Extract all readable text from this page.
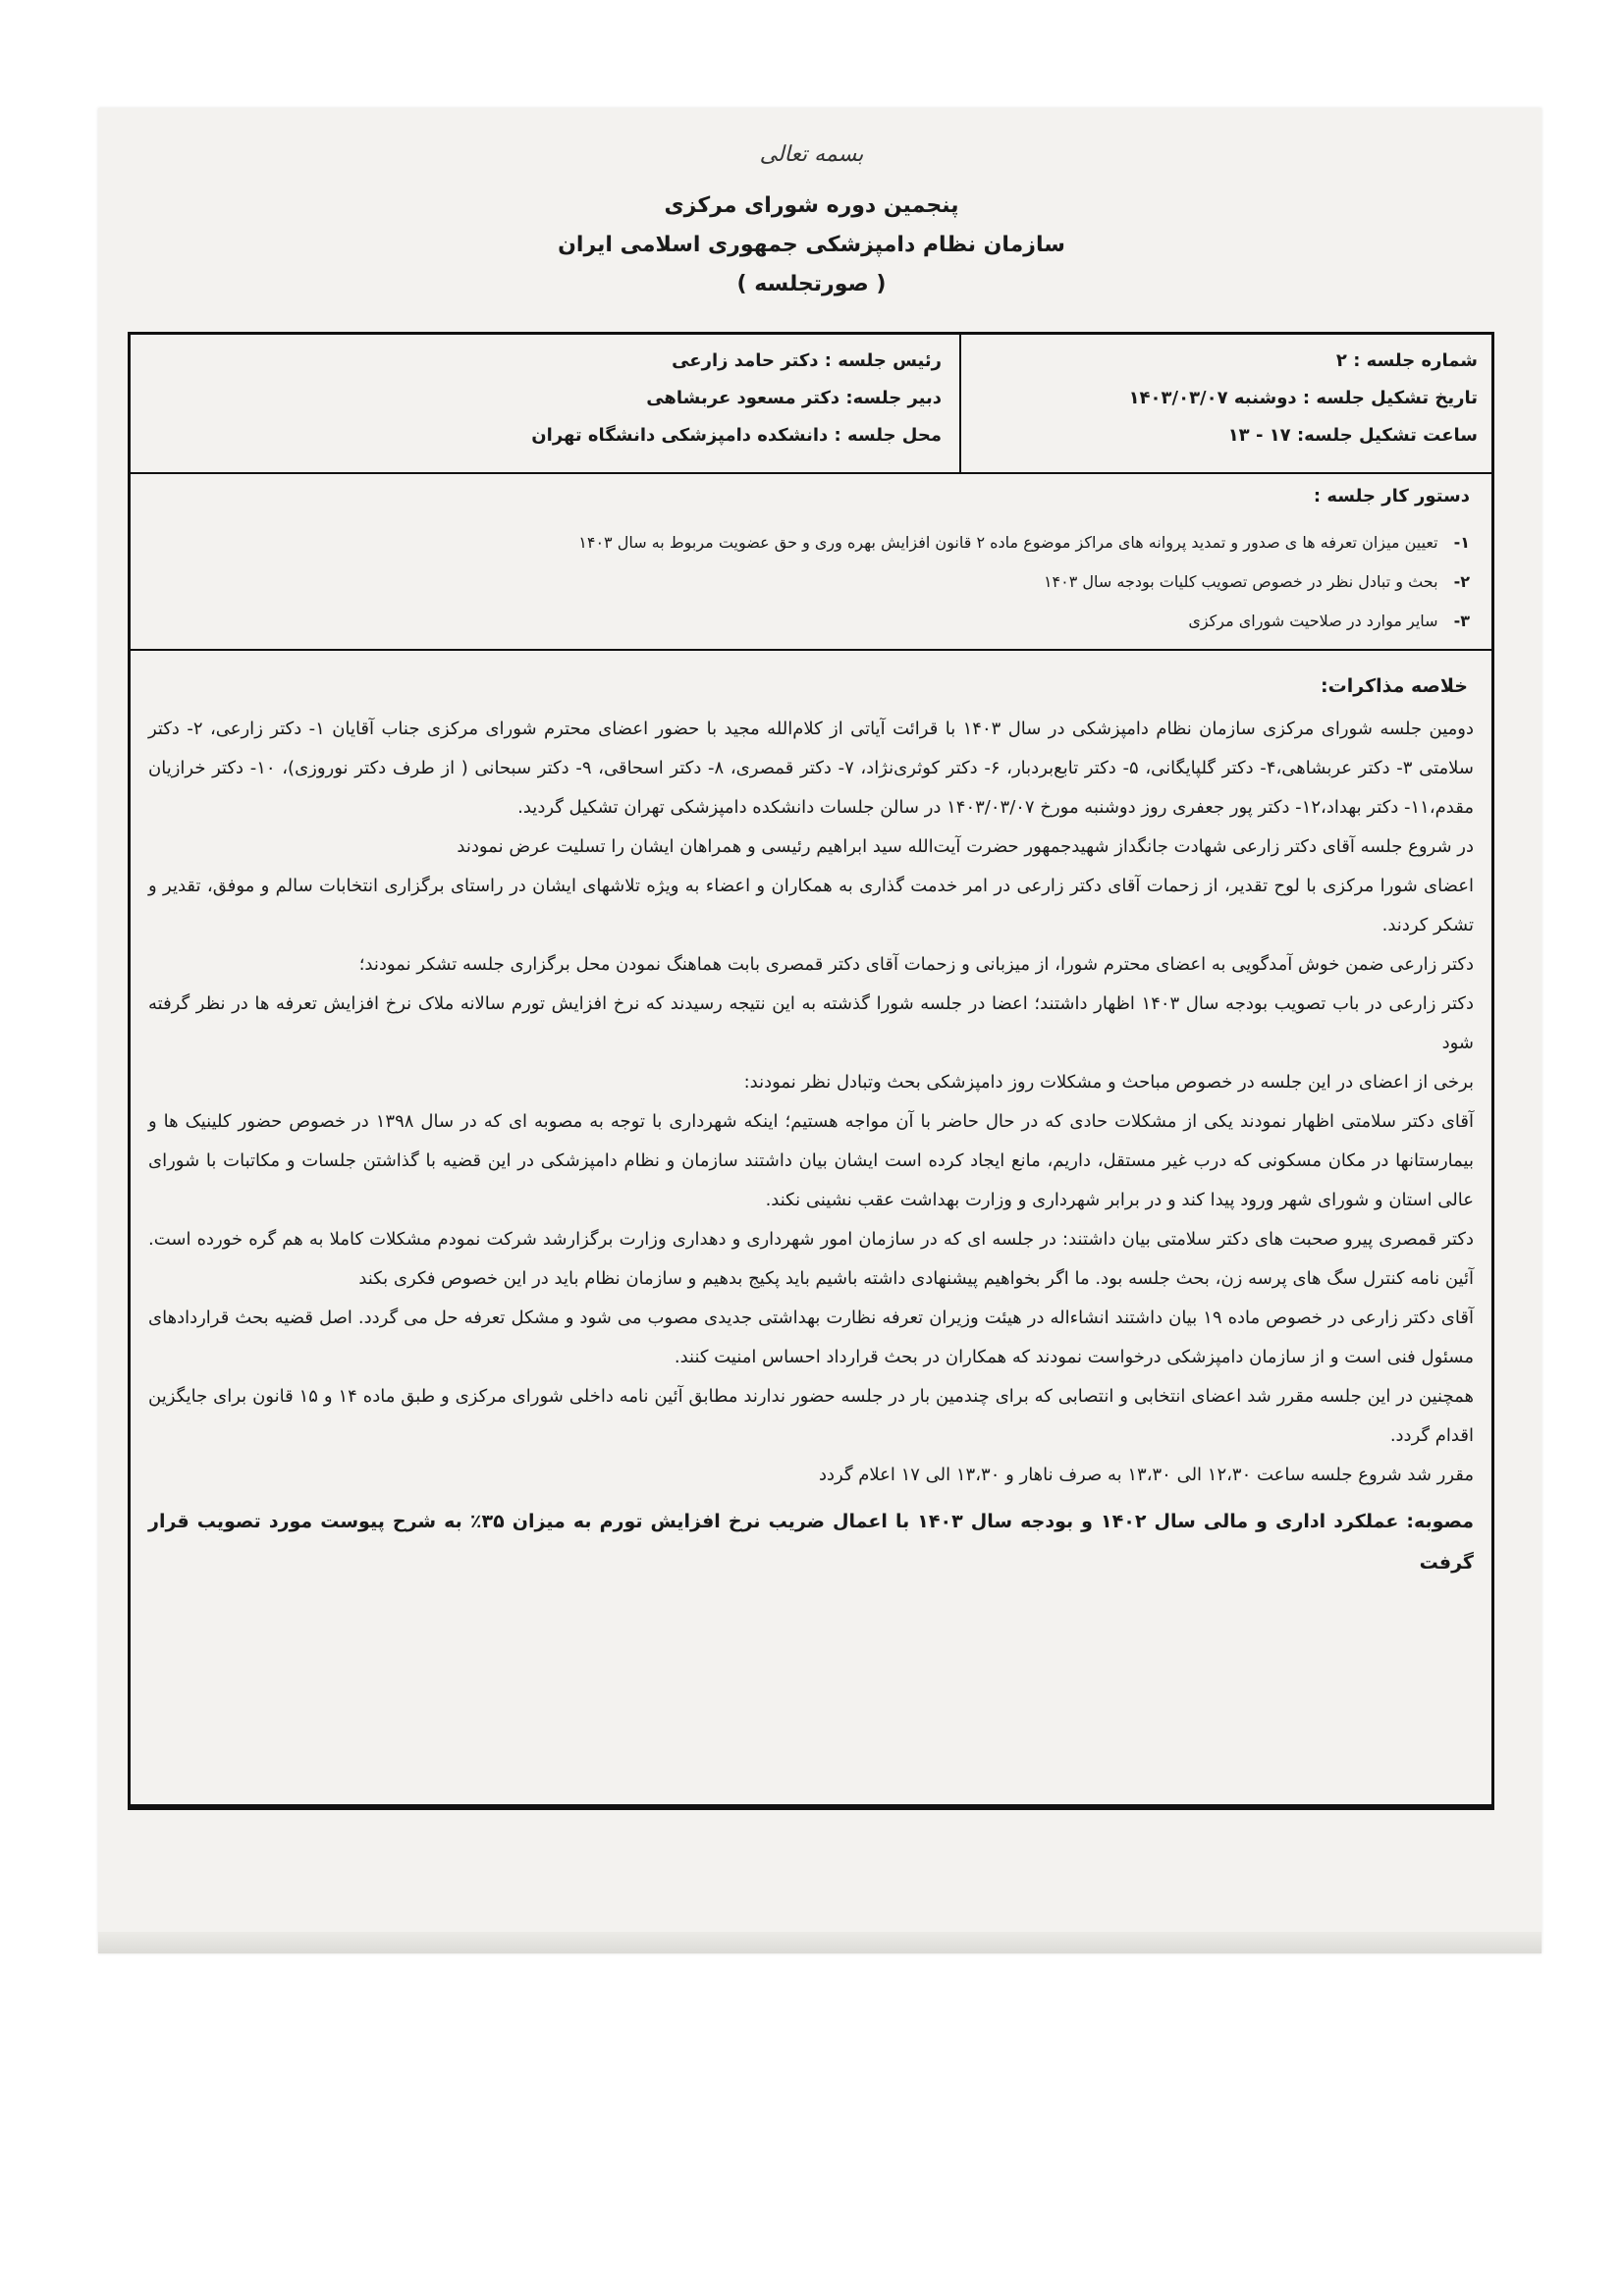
بسمه تعالی
پنجمین دوره شورای مرکزی
سازمان نظام دامپزشکی جمهوری اسلامی ایران
( صورتجلسه )
شماره جلسه : ۲
تاریخ تشکیل جلسه : دوشنبه ۱۴۰۳/۰۳/۰۷
ساعت تشکیل جلسه: ۱۷ - ۱۳
رئیس جلسه : دکتر حامد زارعی
دبیر جلسه: دکتر مسعود عربشاهی
محل جلسه : دانشکده دامپزشکی دانشگاه تهران
دستور کار جلسه :
۱-تعیین میزان تعرفه ها ی صدور و تمدید پروانه های مراکز موضوع ماده ۲ قانون افزایش بهره وری و حق عضویت مربوط به سال ۱۴۰۳
۲-بحث و تبادل نظر در خصوص تصویب کلیات بودجه سال ۱۴۰۳
۳-سایر موارد در صلاحیت شورای مرکزی
خلاصه مذاکرات:

دومین جلسه شورای مرکزی سازمان نظام دامپزشکی در سال ۱۴۰۳ با قرائت آیاتی از کلام‌الله مجید با حضور اعضای محترم شورای مرکزی جناب آقایان ۱- دکتر زارعی، ۲- دکتر سلامتی ۳- دکتر عربشاهی،۴- دکتر گلپایگانی، ۵- دکتر تابع‌بردبار، ۶- دکتر کوثری‌نژاد، ۷- دکتر قمصری، ۸- دکتر اسحاقی، ۹- دکتر سبحانی ( از طرف دکتر نوروزی)، ۱۰- دکتر خرازیان مقدم،۱۱- دکتر بهداد،۱۲- دکتر پور جعفری روز دوشنبه مورخ ۱۴۰۳/۰۳/۰۷ در سالن جلسات دانشکده دامپزشکی تهران تشکیل گردید.

در شروع جلسه آقای دکتر زارعی شهادت جانگداز شهیدجمهور حضرت آیت‌الله سید ابراهیم رئیسی و همراهان ایشان را تسلیت عرض نمودند

اعضای شورا مرکزی با لوح تقدیر، از زحمات آقای دکتر زارعی در امر خدمت گذاری به همکاران و اعضاء به ویژه تلاشهای ایشان در راستای برگزاری انتخابات سالم و موفق، تقدیر و تشکر کردند.

دکتر زارعی ضمن خوش آمدگویی به اعضای محترم شورا، از میزبانی و زحمات آقای دکتر قمصری بابت هماهنگ نمودن محل برگزاری جلسه تشکر نمودند؛

دکتر زارعی در باب تصویب بودجه سال ۱۴۰۳ اظهار داشتند؛ اعضا در جلسه شورا گذشته به این نتیجه رسیدند که نرخ افزایش تورم سالانه ملاک نرخ افزایش تعرفه ها در نظر گرفته شود

برخی از اعضای در این جلسه در خصوص مباحث و مشکلات روز دامپزشکی بحث وتبادل نظر نمودند:

آقای دکتر سلامتی اظهار نمودند یکی از مشکلات حادی که در حال حاضر با آن مواجه هستیم؛ اینکه شهرداری با توجه به مصوبه ای که در سال ۱۳۹۸ در خصوص حضور کلینیک ها و بیمارستانها در مکان مسکونی که درب غیر مستقل، داریم، مانع ایجاد کرده است ایشان بیان داشتند سازمان و نظام دامپزشکی در این قضیه با گذاشتن جلسات و مکاتبات با شورای عالی استان و شورای شهر ورود پیدا کند و در برابر شهرداری و وزارت بهداشت عقب نشینی نکند.

دکتر قمصری پیرو صحبت های دکتر سلامتی بیان داشتند: در جلسه ای که در سازمان امور شهرداری و دهداری وزارت برگزارشد شرکت نمودم مشکلات کاملا به هم گره خورده است. آئین نامه کنترل سگ های پرسه زن، بحث جلسه بود. ما اگر بخواهیم پیشنهادی داشته باشیم باید پکیج بدهیم و سازمان نظام باید در این خصوص فکری بکند

آقای دکتر زارعی در خصوص ماده ۱۹ بیان داشتند انشاءاله در هیئت وزیران تعرفه نظارت بهداشتی جدیدی مصوب می شود و مشکل تعرفه حل می گردد. اصل قضیه بحث قراردادهای مسئول فنی است و از سازمان دامپزشکی درخواست نمودند که همکاران در بحث قرارداد احساس امنیت کنند.

همچنین در این جلسه مقرر شد اعضای انتخابی و انتصابی که برای چندمین بار در جلسه حضور ندارند مطابق آئین نامه داخلی شورای مرکزی و طبق ماده ۱۴ و ۱۵ قانون برای جایگزین اقدام گردد.

مقرر شد شروع جلسه ساعت ۱۲،۳۰ الی ۱۳،۳۰ به صرف ناهار و ۱۳،۳۰ الی ۱۷ اعلام گردد

مصوبه: عملکرد اداری و مالی سال ۱۴۰۲ و بودجه سال ۱۴۰۳ با اعمال ضریب نرخ افزایش تورم به میزان ۳۵٪ به شرح پیوست مورد تصویب قرار گرفت
